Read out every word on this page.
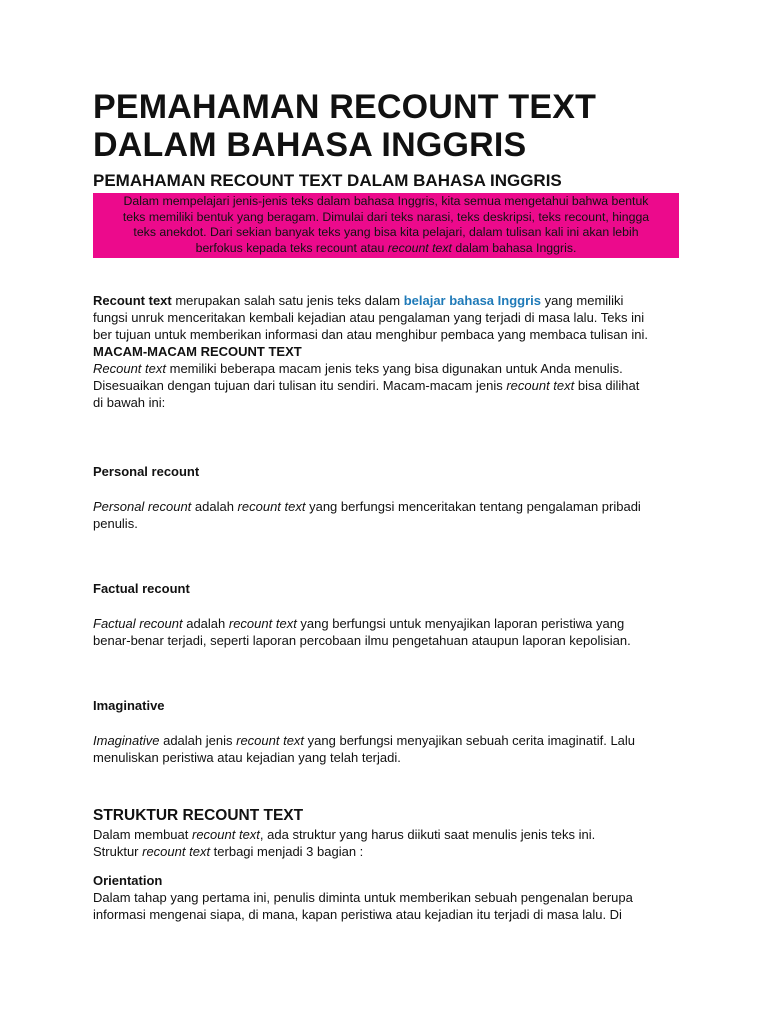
PEMAHAMAN RECOUNT TEXT
DALAM BAHASA INGGRIS
PEMAHAMAN RECOUNT TEXT DALAM BAHASA INGGRIS
Dalam mempelajari jenis-jenis teks dalam bahasa Inggris, kita semua mengetahui bahwa bentuk
teks memiliki bentuk yang beragam. Dimulai dari teks narasi, teks deskripsi, teks recount, hingga
teks anekdot. Dari sekian banyak teks yang bisa kita pelajari, dalam tulisan kali ini akan lebih
berfokus kepada teks recount atau recount text dalam bahasa Inggris.
Recount text merupakan salah satu jenis teks dalam belajar bahasa Inggris yang memiliki
fungsi unruk menceritakan kembali kejadian atau pengalaman yang terjadi di masa lalu. Teks ini
ber tujuan untuk memberikan informasi dan atau menghibur pembaca yang membaca tulisan ini.
MACAM-MACAM RECOUNT TEXT
Recount text memiliki beberapa macam jenis teks yang bisa digunakan untuk Anda menulis.
Disesuaikan dengan tujuan dari tulisan itu sendiri. Macam-macam jenis recount text bisa dilihat
di bawah ini:
Personal recount
Personal recount adalah recount text yang berfungsi menceritakan tentang pengalaman pribadi
penulis.
Factual recount
Factual recount adalah recount text yang berfungsi untuk menyajikan laporan peristiwa yang
benar-benar terjadi, seperti laporan percobaan ilmu pengetahuan ataupun laporan kepolisian.
Imaginative
Imaginative adalah jenis recount text yang berfungsi menyajikan sebuah cerita imaginatif. Lalu
menuliskan peristiwa atau kejadian yang telah terjadi.
STRUKTUR RECOUNT TEXT
Dalam membuat recount text, ada struktur yang harus diikuti saat menulis jenis teks ini.
Struktur recount text terbagi menjadi 3 bagian :
Orientation
Dalam tahap yang pertama ini, penulis diminta untuk memberikan sebuah pengenalan berupa
informasi mengenai siapa, di mana, kapan peristiwa atau kejadian itu terjadi di masa lalu. Di
